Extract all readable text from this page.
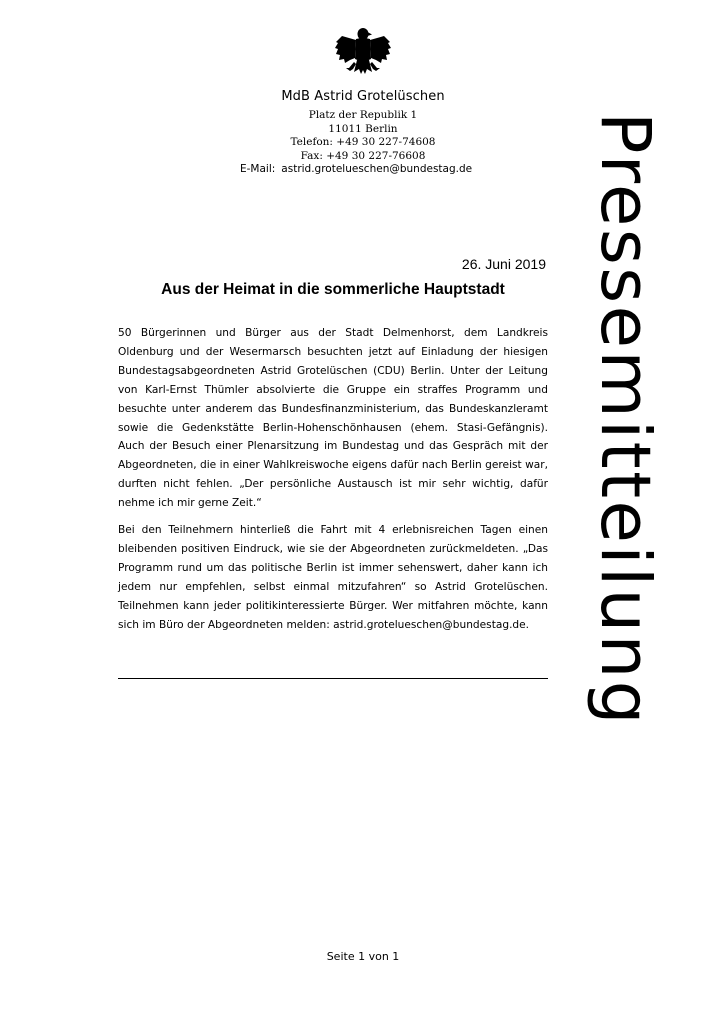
MdB Astrid Grotelüschen
Platz der Republik 1
11011 Berlin
Telefon: +49 30 227-74608
Fax: +49 30 227-76608
E-Mail: astrid.grotelueschen@bundestag.de Pressemitteilung
26. Juni 2019
Aus der Heimat in die sommerliche Hauptstadt

50 Bürgerinnen und Bürger aus der Stadt Delmenhorst, dem Landkreis Oldenburg und der Wesermarsch besuchten jetzt auf Einladung der hiesigen Bundestagsabgeordneten Astrid Grotelüschen (CDU) Berlin. Unter der Leitung von Karl-Ernst Thümler absolvierte die Gruppe ein straffes Programm und besuchte unter anderem das Bundesfinanzministerium, das Bundeskanzleramt sowie die Gedenkstätte Berlin-Hohenschönhausen (ehem. Stasi-Gefängnis). Auch der Besuch einer Plenarsitzung im Bundestag und das Gespräch mit der Abgeordneten, die in einer Wahlkreiswoche eigens dafür nach Berlin gereist war, durften nicht fehlen. „Der persönliche Austausch ist mir sehr wichtig, dafür nehme ich mir gerne Zeit.“

Bei den Teilnehmern hinterließ die Fahrt mit 4 erlebnisreichen Tagen einen bleibenden positiven Eindruck, wie sie der Abgeordneten zurückmeldeten. „Das Programm rund um das politische Berlin ist immer sehenswert, daher kann ich jedem nur empfehlen, selbst einmal mitzufahren“ so Astrid Grotelüschen. Teilnehmen kann jeder politikinteressierte Bürger. Wer mitfahren möchte, kann sich im Büro der Abgeordneten melden: astrid.grotelueschen@bundestag.de.

Seite 1 von 1
